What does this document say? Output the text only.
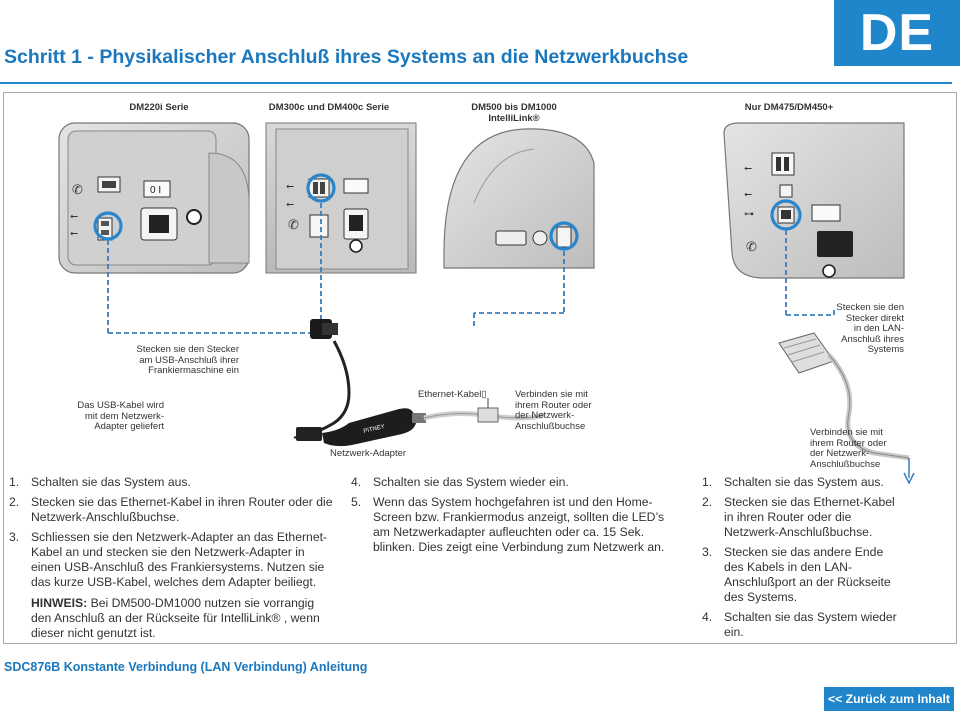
DE
Schritt 1 - Physikalischer Anschluß ihres Systems an die Netzwerkbuchse
0 I
✆
⭠
⭠
⭠
⭠
✆
⭠
⭠
⊶
✆
PITNEY
DM220i Serie	DM300c und DM400c Serie	DM500 bis DM1000
IntelliLink®
Nur DM475/DM450+
Stecken sie den Stecker
am USB-Anschluß ihrer
Frankiermaschine ein
Stecken sie den
Stecker direkt
in den LAN-
Anschluß ihres
Systems
Das USB-Kabel wird
mit dem Netzwerk-
Adapter geliefert
Ethernet-Kabel▯	Verbinden sie mit
ihrem Router oder
der Netzwerk-
Anschlußbuchse
Netzwerk-Adapter
Verbinden sie mit
ihrem Router oder
der Netzwerk-
Anschlußbuchse
1. Schalten sie das System aus.
2. Stecken sie das Ethernet-Kabel in ihren Router oder die Netzwerk-Anschlußbuchse.
3. Schliessen sie den Netzwerk-Adapter an das Ethernet-Kabel an und stecken sie den Netzwerk-Adapter in einen USB-Anschluß des Frankiersystems. Nutzen sie das kurze USB-Kabel, welches dem Adapter beiliegt.

HINWEIS: Bei DM500-DM1000 nutzen sie vorrangig den Anschluß an der Rückseite für IntelliLink® , wenn dieser nicht genutzt ist.

4. Schalten sie das System wieder ein.
5. Wenn das System hochgefahren ist und den Home-Screen bzw. Frankiermodus anzeigt, sollten die LED’s am Netzwerkadapter aufleuchten oder ca. 15 Sek. blinken. Dies zeigt eine Verbindung zum Netzwerk an.
1. Schalten sie das System aus.
2. Stecken sie das Ethernet-Kabel in ihren Router oder die Netzwerk-Anschlußbuchse.
3. Stecken sie das andere Ende des Kabels in den LAN-Anschlußport an der Rückseite des Systems.
4. Schalten sie das System wieder ein.
SDC876B Konstante Verbindung (LAN Verbindung) Anleitung
<< Zurück zum Inhalt
